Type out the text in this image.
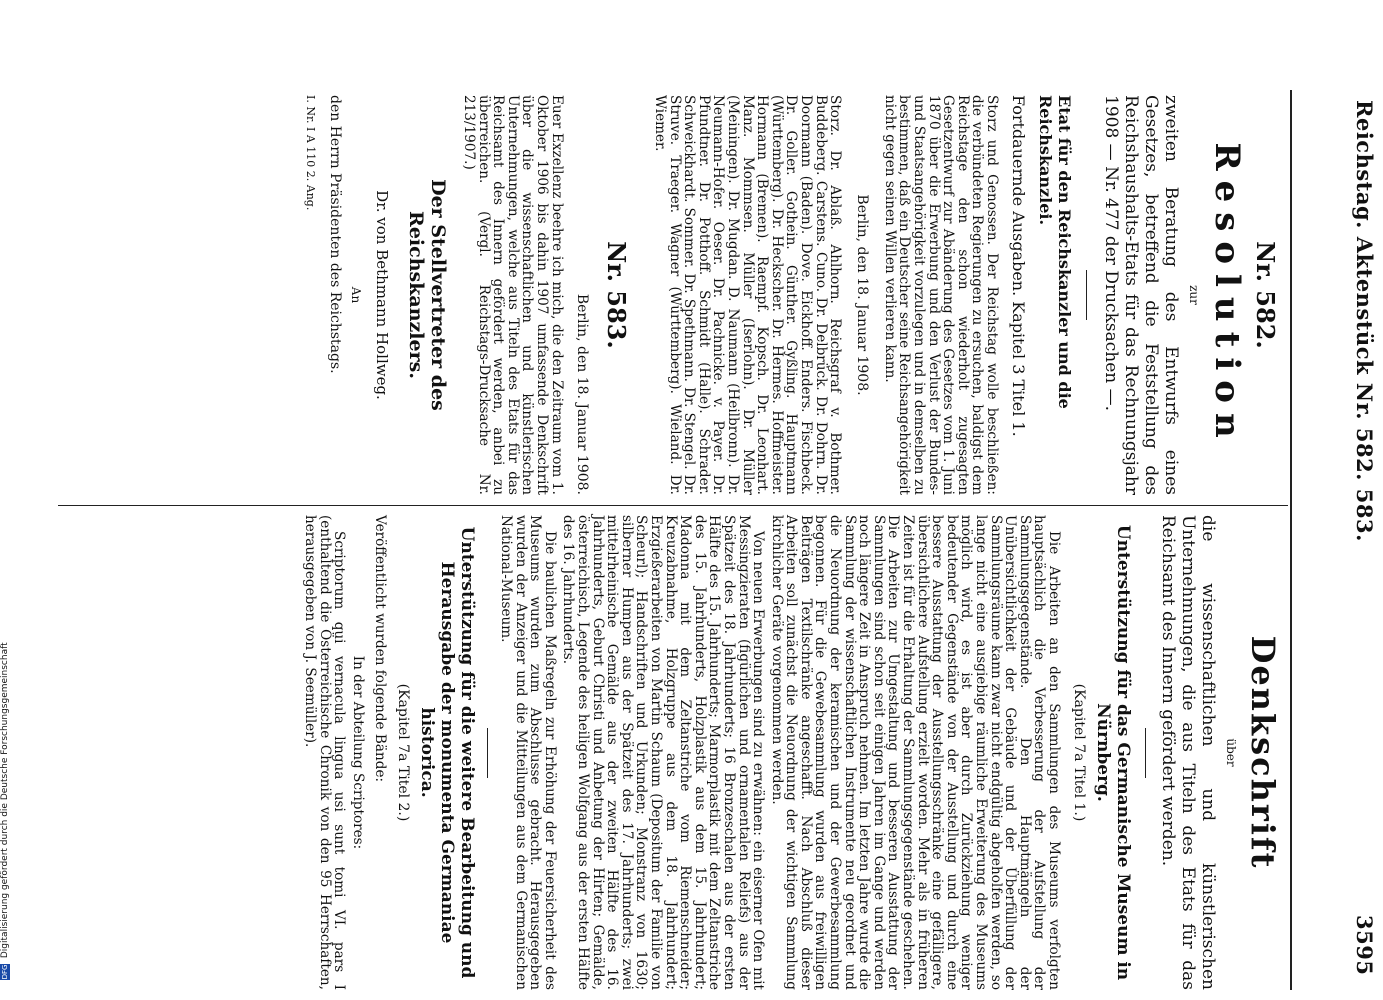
Reichstag. Aktenstück Nr. 582. 583.
3595
Nr. 582.
Resolution
zur
zweiten Beratung des Entwurfs eines Gesetzes, betreffend die Feststellung des Reichshaushalts-Etats für das Rechnungsjahr 1908 — Nr. 477 der Drucksachen —.
Etat für den Reichskanzler und die Reichskanzlei.
Fortdauernde Ausgaben. Kapitel 3 Titel 1.
Storz und Genossen. Der Reichstag wolle beschließen: die verbündeten Regierungen zu ersuchen, baldigst dem Reichstage den schon wiederholt zugesagten Gesetzentwurf zur Abänderung des Gesetzes vom 1. Juni 1870 über die Erwerbung und den Verlust der Bundes- und Staatsangehörigkeit vorzulegen und in demselben zu bestimmen, daß ein Deutscher seine Reichsangehörigkeit nicht gegen seinen Willen verlieren kann.
Berlin, den 18. Januar 1908.
Storz. Dr. Ablaß. Ahlhorn. Reichsgraf v. Bothmer. Buddeberg. Carstens. Cuno. Dr. Delbrück. Dr. Dohrn. Dr. Doormann (Baden). Dove. Eickhoff. Enders. Fischbeck. Dr. Goller. Gothein. Günther. Gyßling. Hauptmann (Württemberg). Dr. Heckscher. Dr. Hermes. Hoffmeister. Hormann (Bremen). Raempf. Kopsch. Dr. Leonhart. Manz. Mommsen. Müller (Iserlohn). Dr. Müller (Meiningen). Dr. Mugdan. D. Naumann (Heilbronn). Dr. Neumann-Hofer. Oeser. Dr. Pachnicke. v. Payer. Dr. Pfundtner. Dr. Potthoff. Schmidt (Halle). Schrader. Schweickhardt. Sommer. Dr. Spethmann. Dr. Stengel. Dr. Struve. Traeger. Wagner (Württemberg). Wieland. Dr. Wiemer.
Nr. 583.
Berlin, den 18. Januar 1908.
Euer Exzellenz beehre ich mich, die den Zeitraum vom 1. Oktober 1906 bis dahin 1907 umfassende Denkschrift über die wissenschaftlichen und künstlerischen Unternehmungen, welche aus Titeln des Etats für das Reichsamt des Innern gefördert werden, anbei zu überreichen. (Vergl. Reichstags-Drucksache Nr. 213/1907.)
Der Stellvertreter des Reichskanzlers.
Dr. von Bethmann Hollweg.
An
den Herrn Präsidenten des Reichstags.
I. Nr. I A 110 2. Ang.
Denkschrift
über
die wissenschaftlichen und künstlerischen Unternehmungen, die aus Titeln des Etats für das Reichsamt des Innern gefördert werden.
Unterstützung für das Germanische Museum in Nürnberg.
(Kapitel 7a Titel 1.)
Die Arbeiten an den Sammlungen des Museums verfolgten hauptsächlich die Verbesserung der Aufstellung der Sammlungsgegenstände. Den Hauptmängeln der Unübersichtlichkeit der Gebäude und der Überfüllung der Sammlungsräume kann zwar nicht endgültig abgeholfen werden, so lange nicht eine ausgiebige räumliche Erweiterung des Museums möglich wird, es ist aber durch Zurückziehung weniger bedeutender Gegenstände von der Ausstellung und durch eine bessere Ausstattung der Ausstellungsschränke eine gefälligere, übersichtlichere Aufstellung erzielt worden. Mehr als in früheren Zeiten ist für die Erhaltung der Sammlungsgegenstände geschehen. Die Arbeiten zur Umgestaltung und besseren Ausstattung der Sammlungen sind schon seit einigen Jahren im Gange und werden noch längere Zeit in Anspruch nehmen. Im letzten Jahre wurde die Sammlung der wissenschaftlichen Instrumente neu geordnet und die Neuordnung der keramischen und der Gewerbesammlung begonnen. Für die Gewebesammlung wurden aus freiwilligen Beiträgen Textilschränke angeschafft. Nach Abschluß dieser Arbeiten soll zunächst die Neuordnung der wichtigen Sammlung kirchlicher Geräte vorgenommen werden.
Von neuen Erwerbungen sind zu erwähnen: ein eiserner Ofen mit Messingzieraten (figürlichen und ornamentalen Reliefs) aus der Spätzeit des 18. Jahrhunderts; 16 Bronzeschalen aus der ersten Hälfte des 15. Jahrhunderts; Marmorplastik mit dem Zeltanstriche des 15. Jahrhunderts, Holzplastik aus dem 15. Jahrhundert; Madonna mit dem Zeltanstriche vom Riemenschneider; Kreuzabnahme, Holzgruppe aus dem 18. Jahrhundert; Erzgießerarbeiten von Martin Schaum (Depositum der Familie von Scheurl); Handschriften und Urkunden; Monstranz von 1630; silberner Humpen aus der Spätzeit des 17. Jahrhunderts; zwei mittelrheinische Gemälde aus der zweiten Hälfte des 16. Jahrhunderts, Geburt Christi und Anbetung der Hirten; Gemälde, österreichisch, Legende des heiligen Wolfgang aus der ersten Hälfte des 16. Jahrhunderts.
Die baulichen Maßregeln zur Erhöhung der Feuersicherheit des Museums wurden zum Abschlusse gebracht. Herausgegeben wurden der Anzeiger und die Mitteilungen aus dem Germanischen National-Museum.
Unterstützung für die weitere Bearbeitung und Herausgabe der monumenta Germaniae historica.
(Kapitel 7a Titel 2.)
Veröffentlicht wurden folgende Bände:
In der Abteilung Scriptores:
Scriptorum qui vernacula lingua usi sunt tomi VI. pars I (enthaltend die Österreichische Chronik von den 95 Herrschaften, herausgegeben von J. Seemüller).
DFG Digitalisierung gefördert durch die Deutsche Forschungsgemeinschaft
